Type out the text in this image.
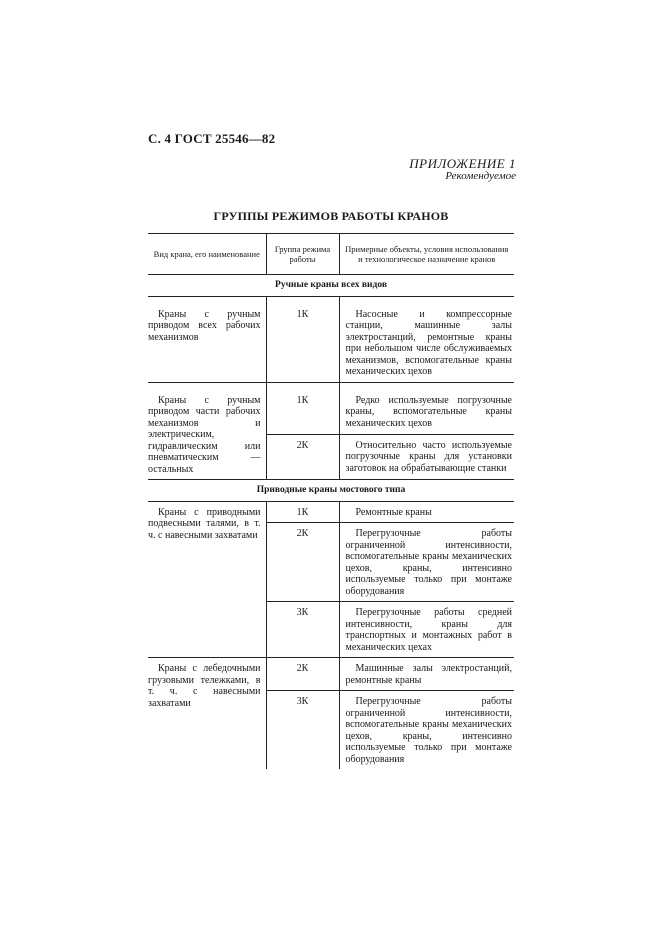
С. 4 ГОСТ 25546—82
ПРИЛОЖЕНИЕ 1
Рекомендуемое
ГРУППЫ РЕЖИМОВ РАБОТЫ КРАНОВ
Вид крана, его наименование	Группа режима работы	Примерные объекты, условия использования и технологическое назначение кранов
Ручные краны всех видов		
Краны с ручным приводом всех рабочих механизмов	1К	Насосные и компрессорные станции, машинные залы электростанций, ремонтные краны при небольшом числе обслуживаемых механизмов, вспомогательные краны механических цехов
Краны с ручным приводом части рабочих механизмов и электрическим, гидравлическим или пневматическим — остальных	1К	Редко используемые погрузочные краны, вспомогательные краны механических цехов
	2К	Относительно часто используемые погрузочные краны для установки заготовок на обрабатывающие станки
Приводные краны мостового типа		
Краны с приводными подвесными талями, в т. ч. с навесными захватами	1К	Ремонтные краны
	2К	Перегрузочные работы ограниченной интенсивности, вспомогательные краны механических цехов, краны, интенсивно используемые только при монтаже оборудования
	3К	Перегрузочные работы средней интенсивности, краны для транспортных и монтажных работ в механических цехах
Краны с лебедочными грузовыми тележками, в т. ч. с навесными захватами	2К	Машинные залы электростанций, ремонтные краны
	3К	Перегрузочные работы ограниченной интенсивности, вспомогательные краны механических цехов, краны, интенсивно используемые только при монтаже оборудования
